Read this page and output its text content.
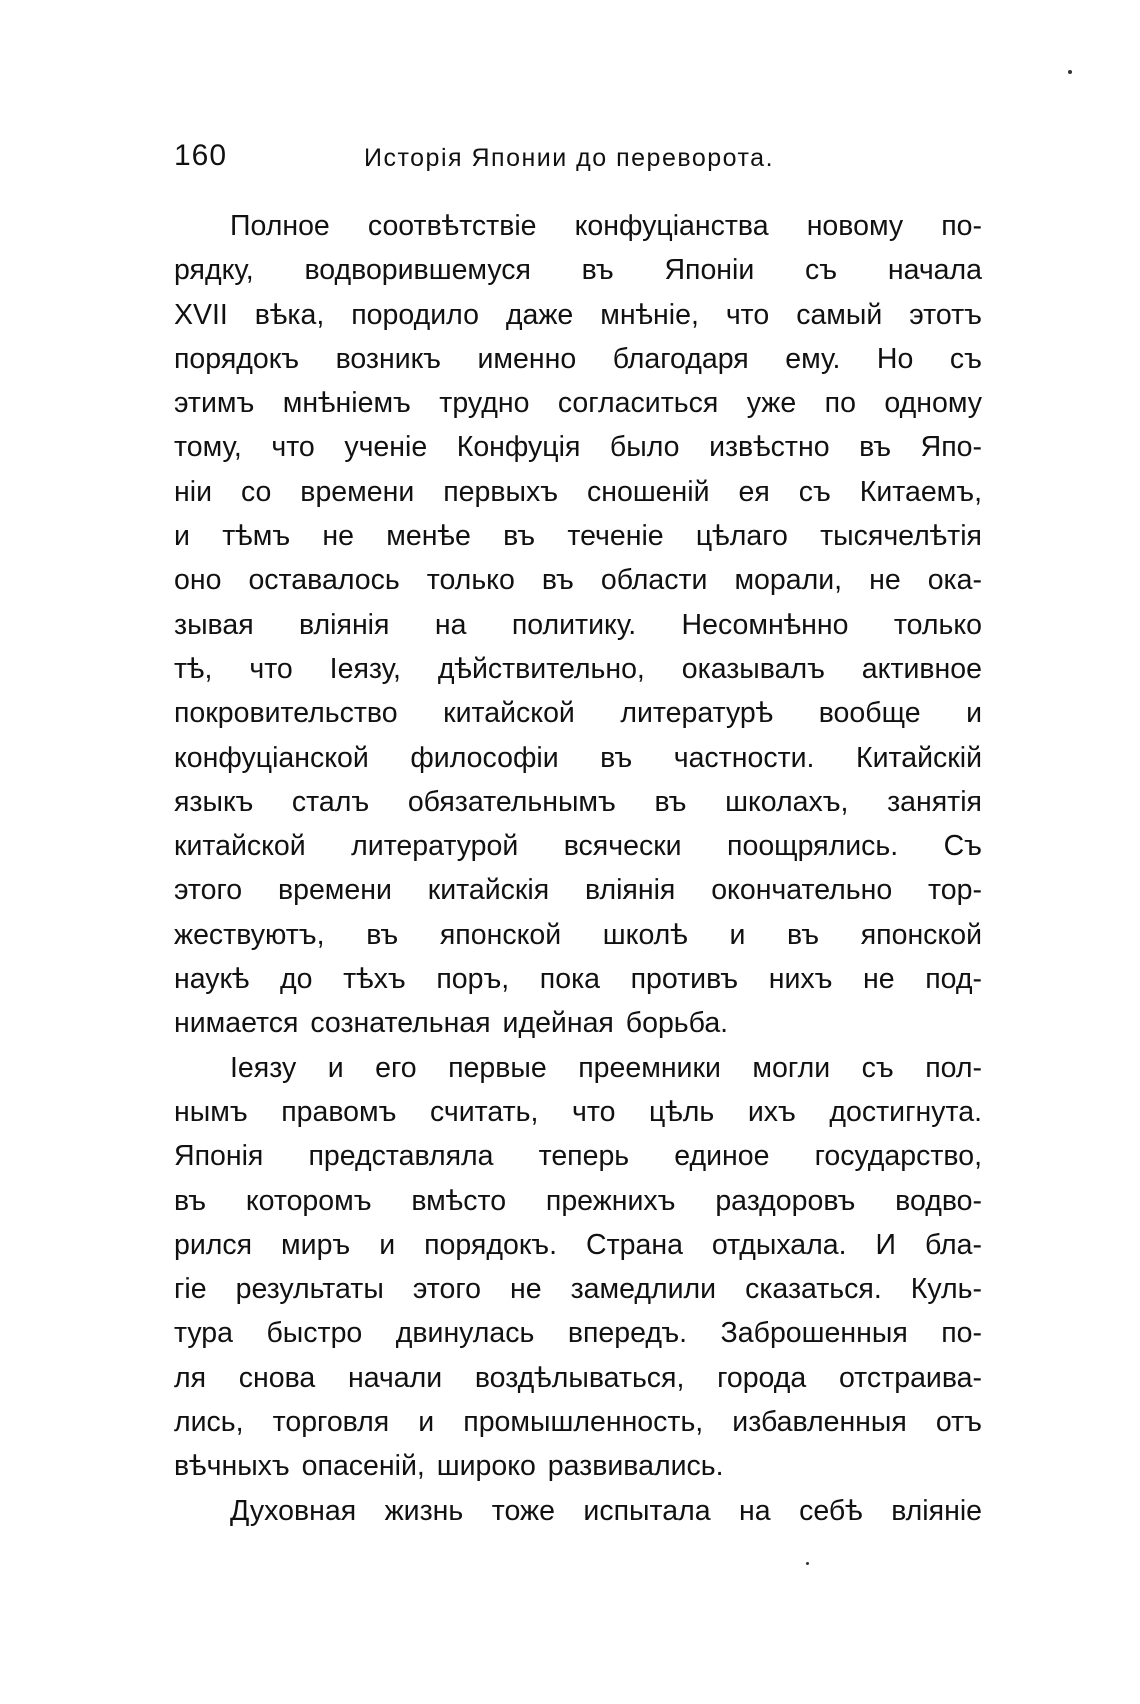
160	Исторія Японии до переворота.

Полное соотвѣтствіе конфуціанства новому по-
рядку, водворившемуся въ Японіи съ начала
XVII вѣка, породило даже мнѣніе, что самый этотъ
порядокъ возникъ именно благодаря ему. Но съ
этимъ мнѣніемъ трудно согласиться уже по одному
тому, что ученіе Конфуція было извѣстно въ Япо-
ніи со времени первыхъ сношеній ея съ Китаемъ,
и тѣмъ не менѣе въ теченіе цѣлаго тысячелѣтія
оно оставалось только въ области морали, не ока-
зывая вліянія на политику. Несомнѣнно только
тѣ, что Іеязу, дѣйствительно, оказывалъ активное
покровительство китайской литературѣ вообще и
конфуціанской философіи въ частности. Китайскій
языкъ сталъ обязательнымъ въ школахъ, занятія
китайской литературой всячески поощрялись. Съ
этого времени китайскія вліянія окончательно тор-
жествуютъ, въ японской школѣ и въ японской
наукѣ до тѣхъ поръ, пока противъ нихъ не под-
нимается сознательная идейная борьба.

Іеязу и его первые преемники могли съ пол-
нымъ правомъ считать, что цѣль ихъ достигнута.
Японія представляла теперь единое государство,
въ которомъ вмѣсто прежнихъ раздоровъ водво-
рился миръ и порядокъ. Страна отдыхала. И бла-
гіе результаты этого не замедлили сказаться. Куль-
тура быстро двинулась впередъ. Заброшенныя по-
ля снова начали воздѣлываться, города отстраива-
лись, торговля и промышленность, избавленныя отъ
вѣчныхъ опасеній, широко развивались.

Духовная жизнь тоже испытала на себѣ вліяніе
